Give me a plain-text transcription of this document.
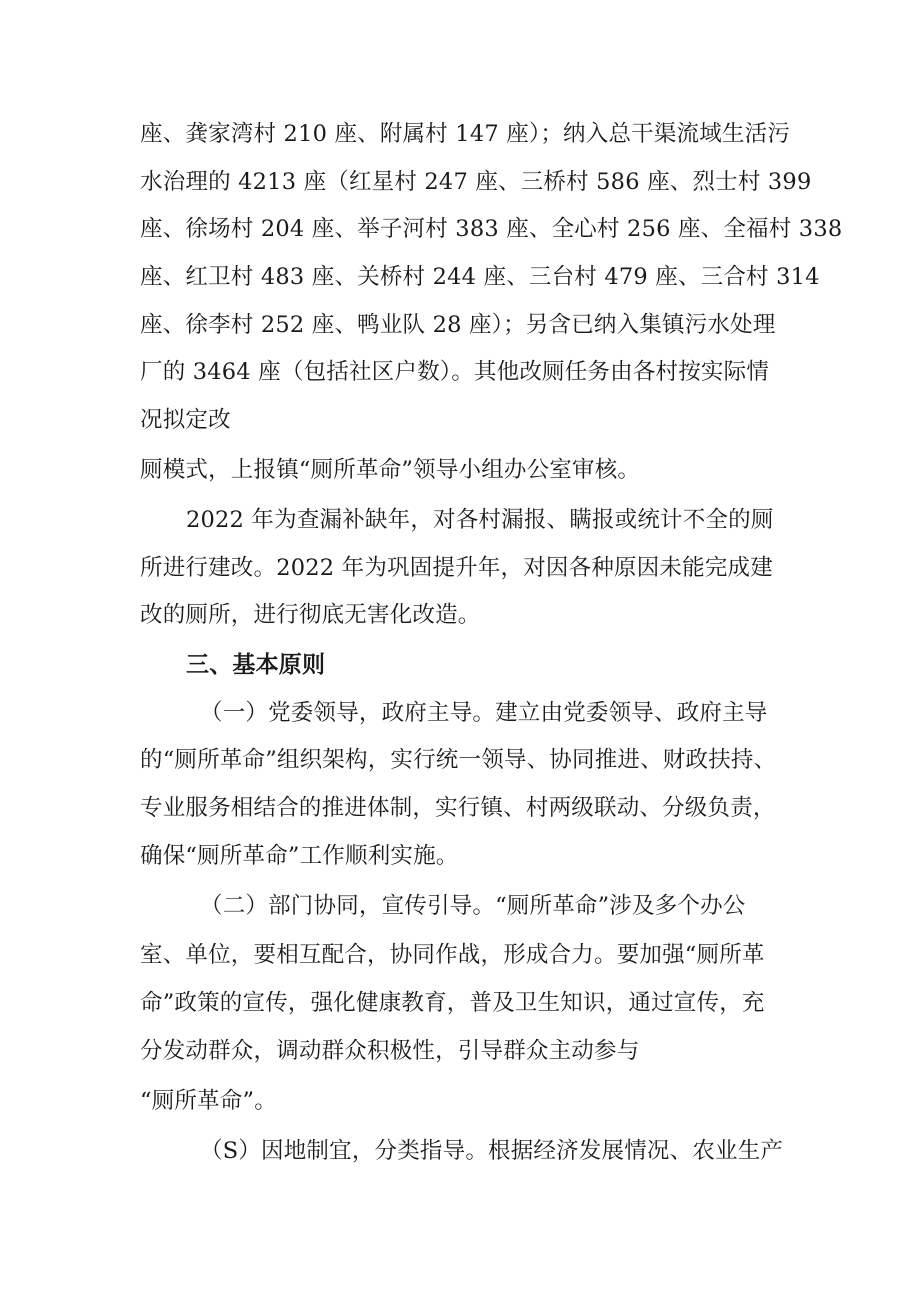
座、龚家湾村 210 座、附属村 147 座）；纳入总干渠流域生活污
水治理的 4213 座（红星村 247 座、三桥村 586 座、烈士村 399
座、徐场村 204 座、举子河村 383 座、全心村 256 座、全福村 338
座、红卫村 483 座、关桥村 244 座、三台村 479 座、三合村 314
座、徐李村 252 座、鸭业队 28 座）；另含已纳入集镇污水处理
厂的 3464 座（包括社区户数）。其他改厕任务由各村按实际情
况拟定改
厕模式，上报镇“厕所革命”领导小组办公室审核。
2022 年为查漏补缺年，对各村漏报、瞒报或统计不全的厕
所进行建改。2022 年为巩固提升年，对因各种原因未能完成建
改的厕所，进行彻底无害化改造。
三、基本原则
（一）党委领导，政府主导。建立由党委领导、政府主导
的“厕所革命”组织架构，实行统一领导、协同推进、财政扶持、
专业服务相结合的推进体制，实行镇、村两级联动、分级负责，
确保“厕所革命”工作顺利实施。
（二）部门协同，宣传引导。“厕所革命”涉及多个办公
室、单位，要相互配合，协同作战，形成合力。要加强“厕所革
命”政策的宣传，强化健康教育，普及卫生知识，通过宣传，充
分发动群众，调动群众积极性，引导群众主动参与
“厕所革命”。
（S）因地制宜，分类指导。根据经济发展情况、农业生产
